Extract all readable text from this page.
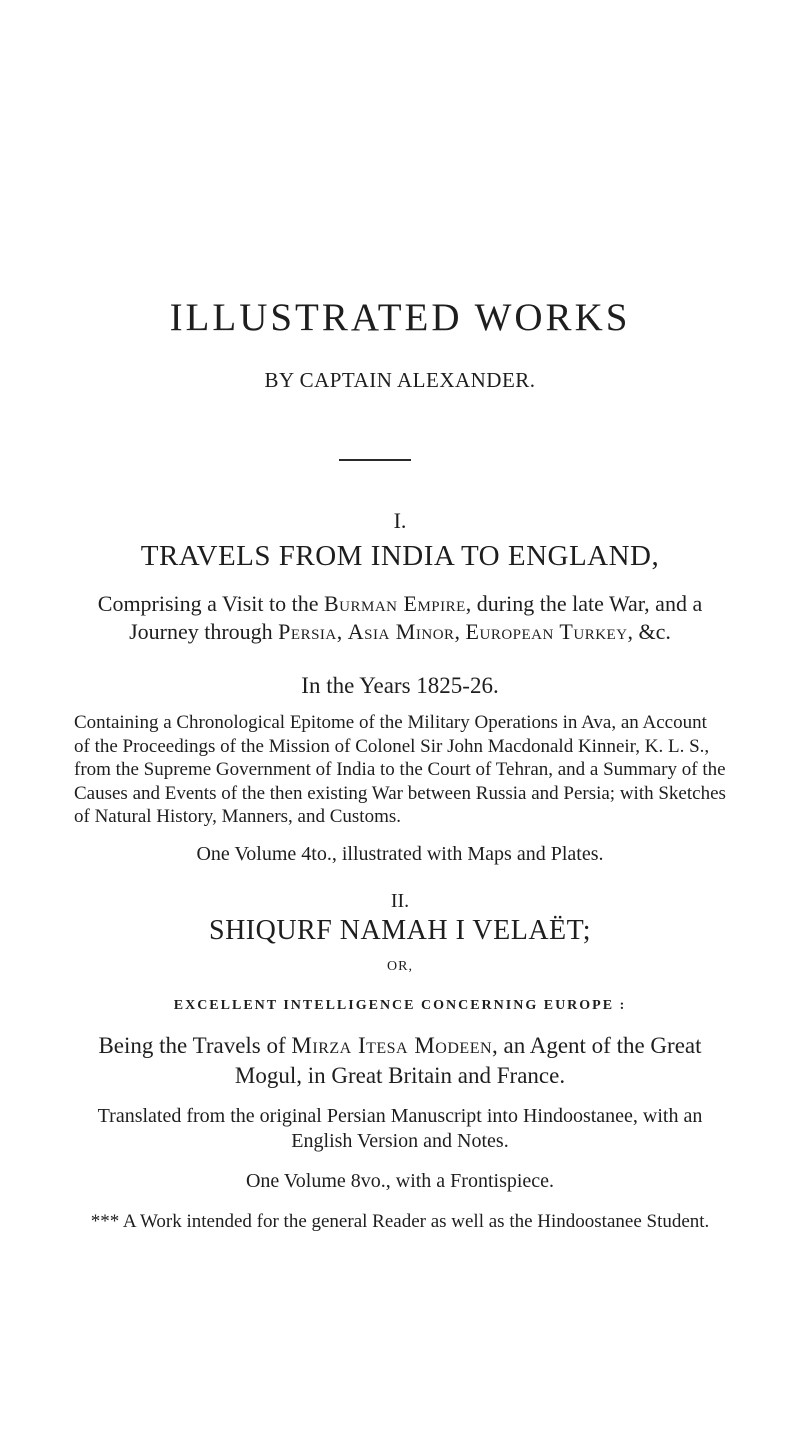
ILLUSTRATED WORKS
BY CAPTAIN ALEXANDER.
I.
TRAVELS FROM INDIA TO ENGLAND,
Comprising a Visit to the Burman Empire, during the late War, and a Journey through Persia, Asia Minor, European Turkey, &c.
In the Years 1825-26.
Containing a Chronological Epitome of the Military Operations in Ava, an Account of the Proceedings of the Mission of Colonel Sir John Macdonald Kinneir, K. L. S., from the Supreme Government of India to the Court of Tehran, and a Summary of the Causes and Events of the then existing War between Russia and Persia; with Sketches of Natural History, Manners, and Customs.
One Volume 4to., illustrated with Maps and Plates.
II.
SHIQURF NAMAH I VELAËT;
OR,
EXCELLENT INTELLIGENCE CONCERNING EUROPE :
Being the Travels of Mirza Itesa Modeen, an Agent of the Great Mogul, in Great Britain and France.
Translated from the original Persian Manuscript into Hindoostanee, with an English Version and Notes.
One Volume 8vo., with a Frontispiece.
*** A Work intended for the general Reader as well as the Hindoostanee Student.
